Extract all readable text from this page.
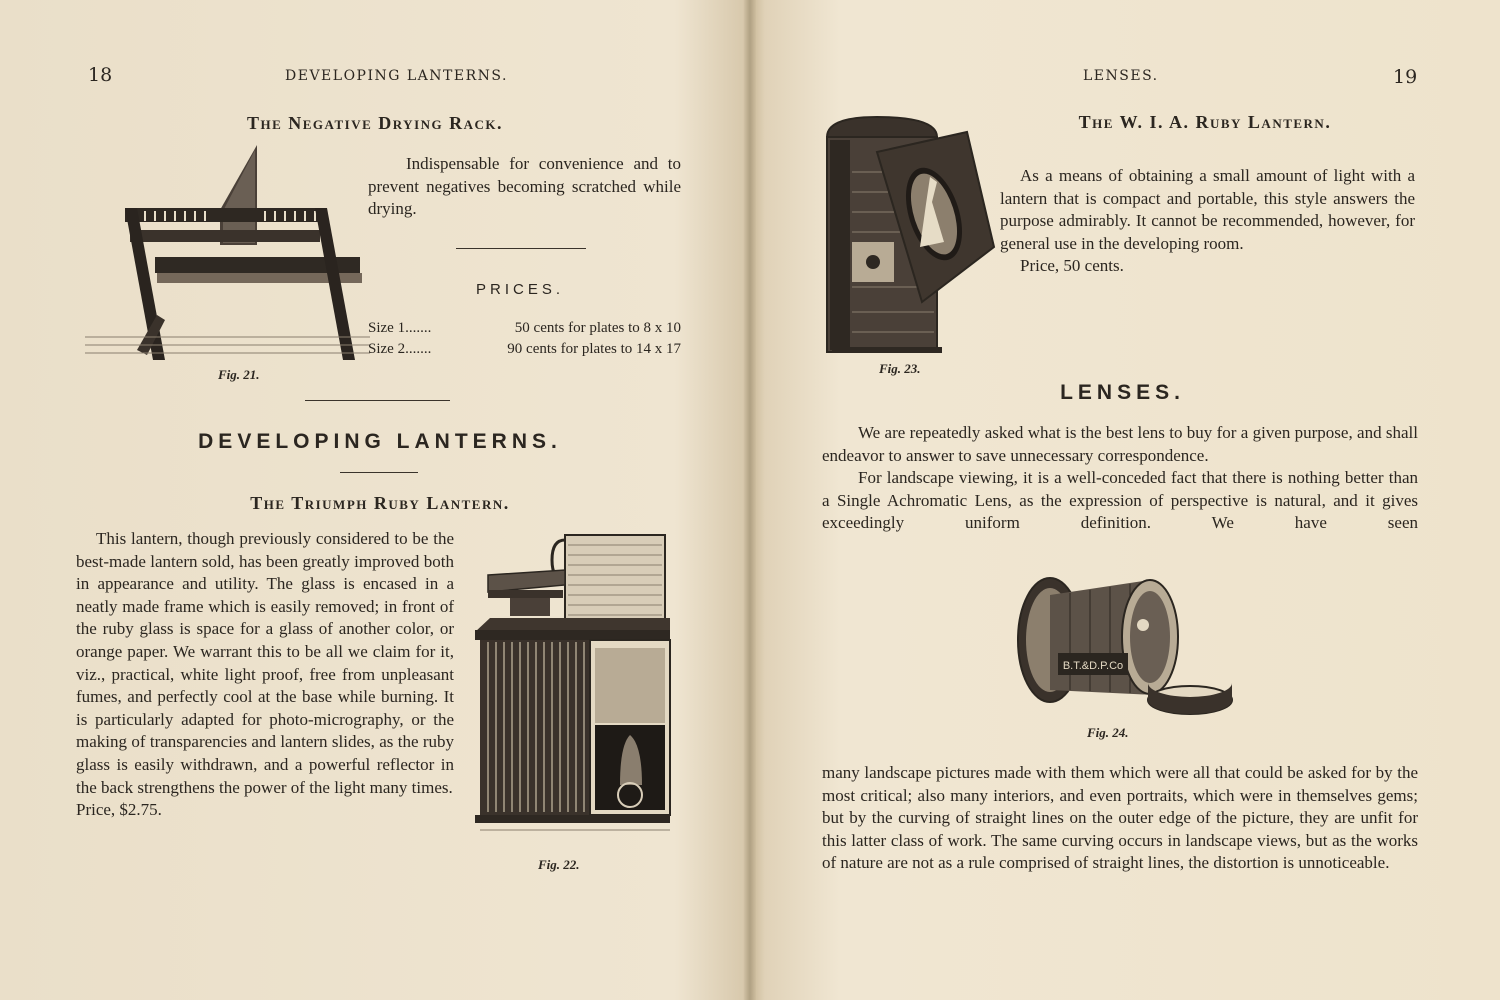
18	DEVELOPING LANTERNS.
The Negative Drying Rack.
Fig. 21.

Indispensable for convenience and to prevent negatives becoming scratched while drying.

PRICES.
Size 1.......	50 cents for plates to 8 x 10
Size 2.......	90 cents for plates to 14 x 17
DEVELOPING LANTERNS.
The Triumph Ruby Lantern.

This lantern, though previously considered to be the best-made lantern sold, has been greatly improved both in appearance and utility. The glass is encased in a neatly made frame which is easily removed; in front of the ruby glass is space for a glass of another color, or orange paper. We warrant this to be all we claim for it, viz., practical, white light proof, free from unpleasant fumes, and perfectly cool at the base while burning. It is particularly adapted for photo-micrography, or the making of transparencies and lantern slides, as the ruby glass is easily withdrawn, and a powerful reflector in the back strengthens the power of the light many times.

Price, $2.75.

Fig. 22.
LENSES.	19
Fig. 23.
The W. I. A. Ruby Lantern.

As a means of obtaining a small amount of light with a lantern that is compact and portable, this style answers the purpose admirably. It cannot be recommended, however, for general use in the developing room.

Price, 50 cents.

LENSES.

We are repeatedly asked what is the best lens to buy for a given purpose, and shall endeavor to answer to save unnecessary correspondence.

For landscape viewing, it is a well-conceded fact that there is nothing better than a Single Achromatic Lens, as the expression of perspective is natural, and it gives exceedingly uniform definition. We have seen

B.T.&D.P.Co
Fig. 24.

many landscape pictures made with them which were all that could be asked for by the most critical; also many interiors, and even portraits, which were in themselves gems; but by the curving of straight lines on the outer edge of the picture, they are unfit for this latter class of work. The same curving occurs in landscape views, but as the works of nature are not as a rule comprised of straight lines, the distortion is unnoticeable.
